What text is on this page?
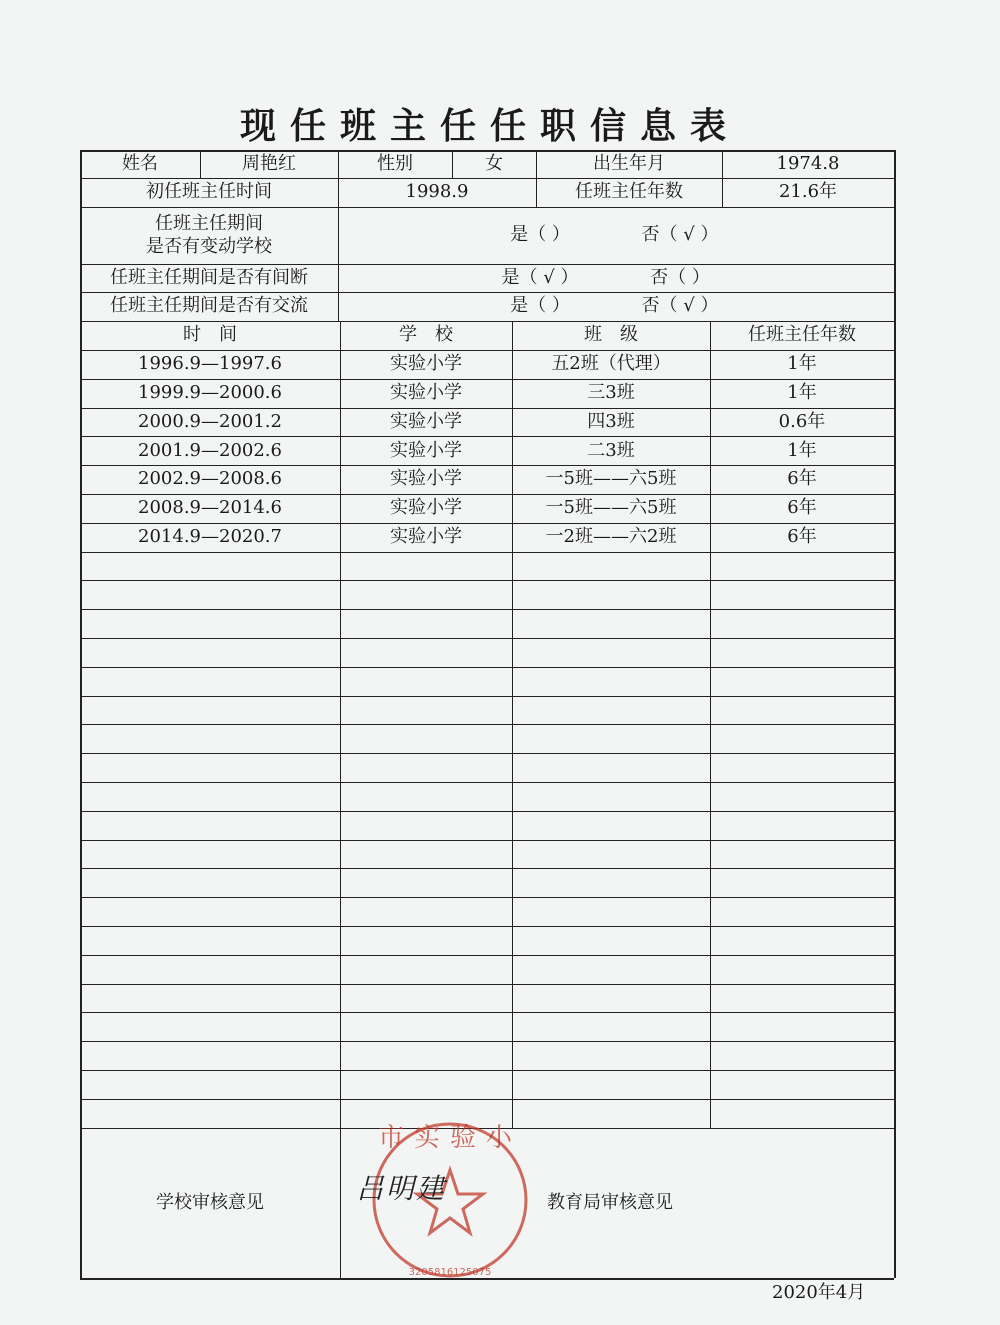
现任班主任任职信息表
姓名	周艳红	性别	女	出生年月	1974.8
初任班主任时间	1998.9	任班主任年数	21.6年
任班主任期间
是否有变动学校
是（ ）	否（ √ ）
任班主任期间是否有间断	是（ √ ）	否（ ）
任班主任期间是否有交流	是（ ）	否（ √ ）
时　间	学　校	班　级	任班主任年数
1996.9—1997.6	实验小学	五2班（代理）	1年
1999.9—2000.6	实验小学	三3班	1年
2000.9—2001.2	实验小学	四3班	0.6年
2001.9—2002.6	实验小学	二3班	1年
2002.9—2008.6	实验小学	一5班——六5班	6年
2008.9—2014.6	实验小学	一5班——六5班	6年
2014.9—2020.7	实验小学	一2班——六2班	6年
学校审核意见	教育局审核意见
市实验小
3205816125075
吕明建
2020年4月
